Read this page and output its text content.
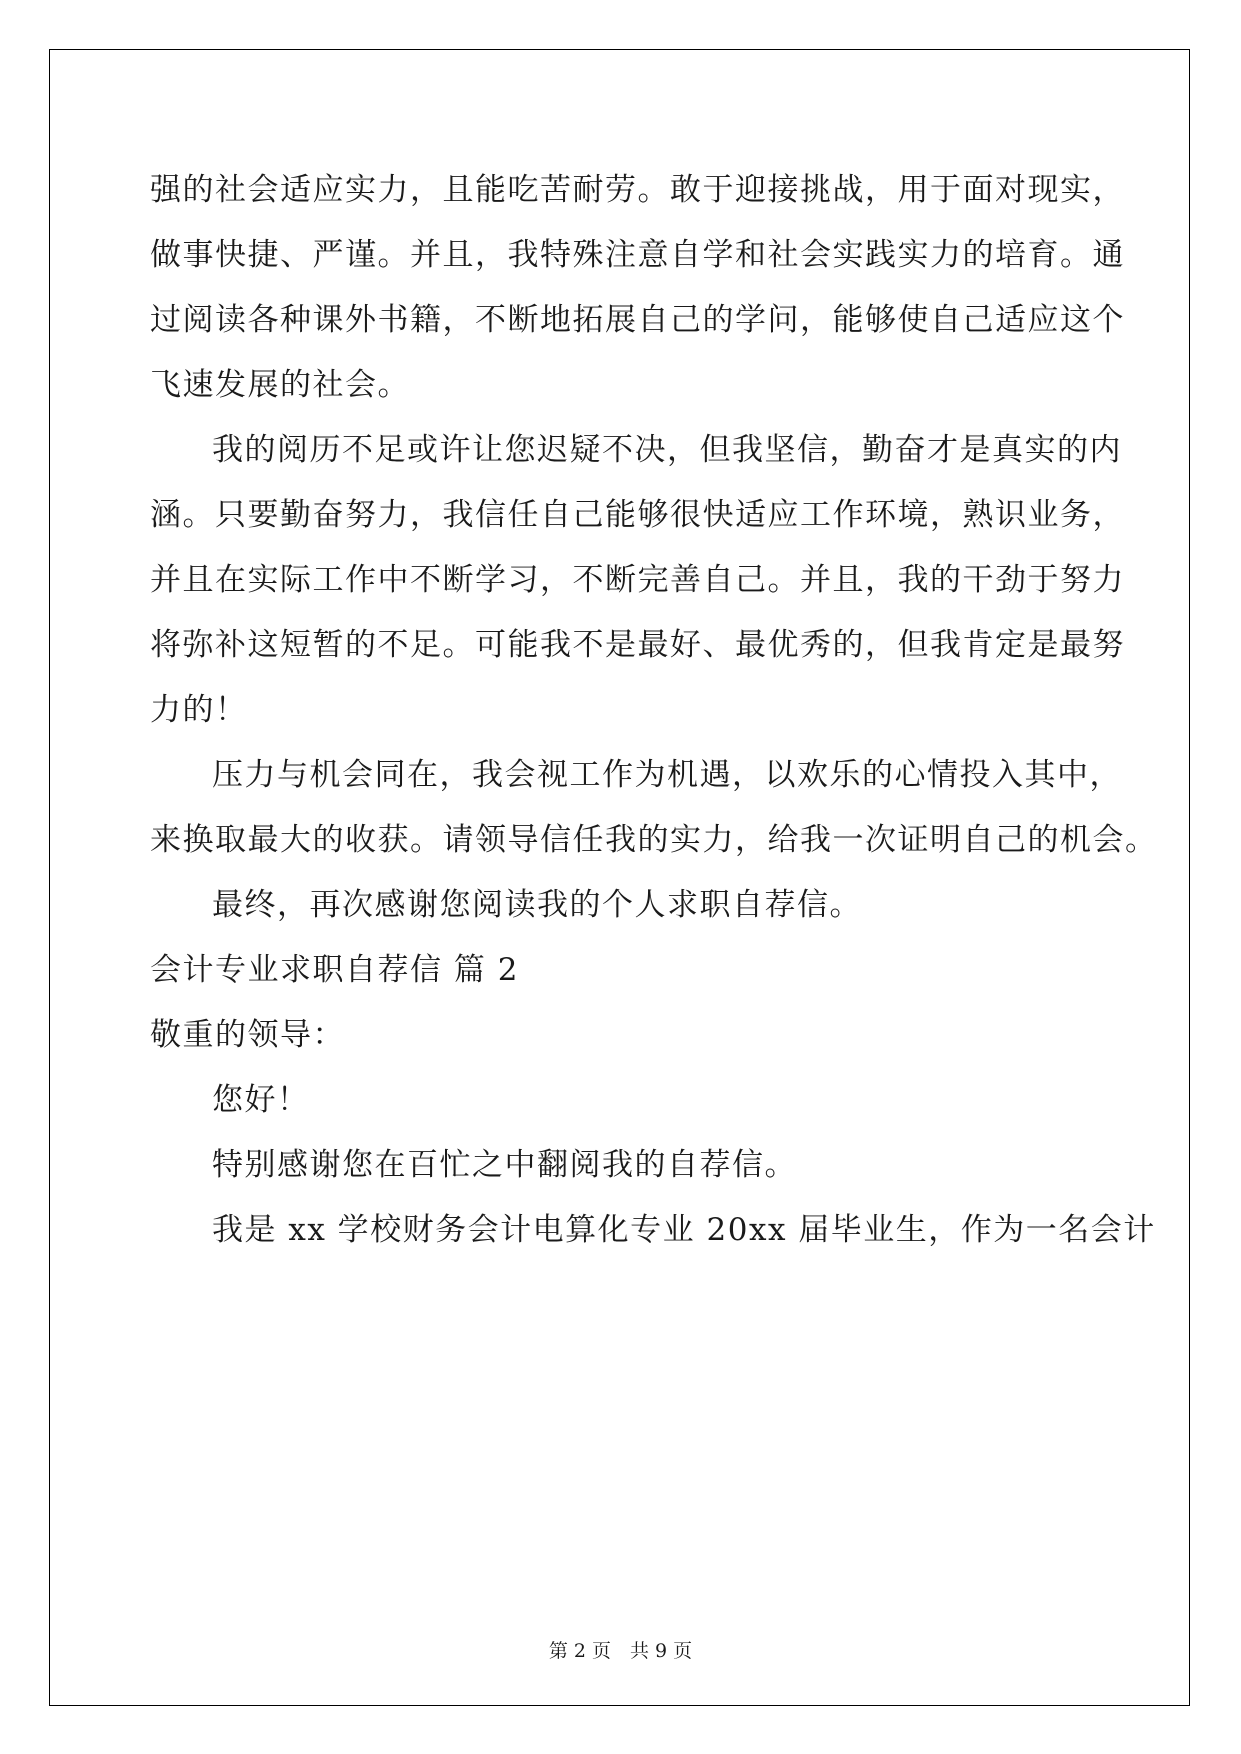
强的社会适应实力，且能吃苦耐劳。敢于迎接挑战，用于面对现实，
做事快捷、严谨。并且，我特殊注意自学和社会实践实力的培育。通
过阅读各种课外书籍，不断地拓展自己的学问，能够使自己适应这个
飞速发展的社会。
我的阅历不足或许让您迟疑不决，但我坚信，勤奋才是真实的内
涵。只要勤奋努力，我信任自己能够很快适应工作环境，熟识业务，
并且在实际工作中不断学习，不断完善自己。并且，我的干劲于努力
将弥补这短暂的不足。可能我不是最好、最优秀的，但我肯定是最努
力的！
压力与机会同在，我会视工作为机遇，以欢乐的心情投入其中，
来换取最大的收获。请领导信任我的实力，给我一次证明自己的机会。
最终，再次感谢您阅读我的个人求职自荐信。
会计专业求职自荐信 篇 2
敬重的领导：
您好！
特别感谢您在百忙之中翻阅我的自荐信。
我是 xx 学校财务会计电算化专业 20xx 届毕业生，作为一名会计
第 2 页　共 9 页
